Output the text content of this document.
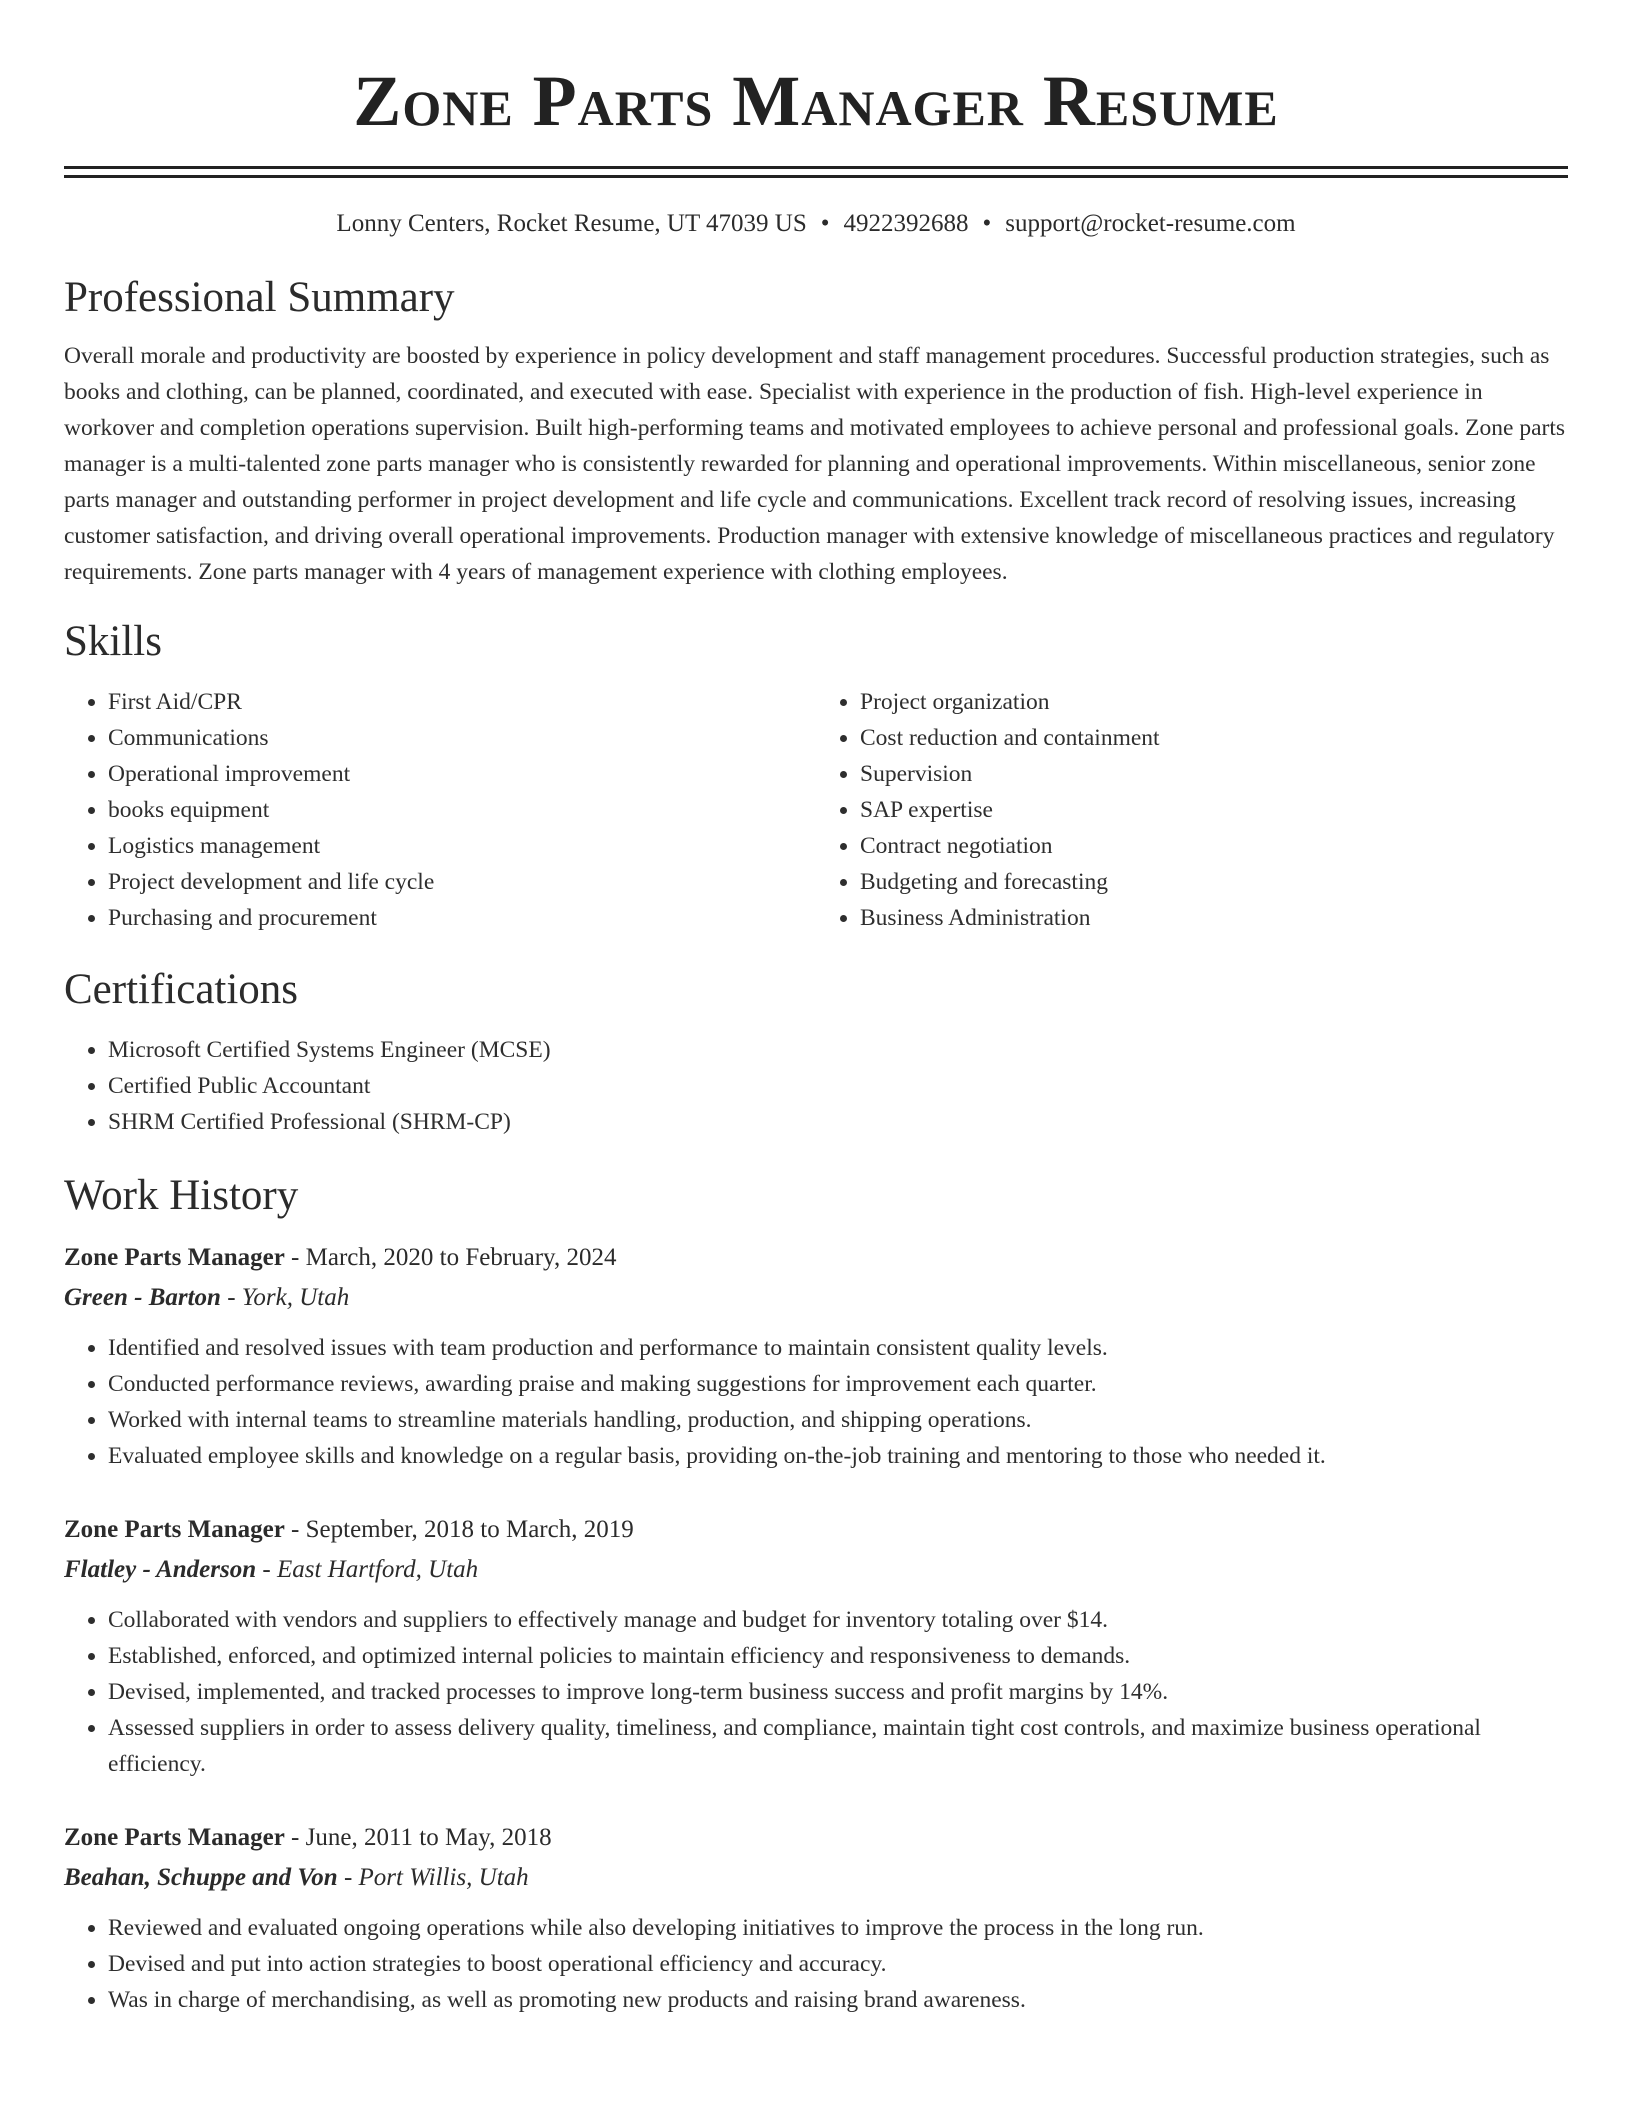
Zone Parts Manager Resume
Lonny Centers, Rocket Resume, UT 47039 US • 4922392688 • support@rocket-resume.com
Professional Summary
Overall morale and productivity are boosted by experience in policy development and staff management procedures. Successful production strategies, such as books and clothing, can be planned, coordinated, and executed with ease. Specialist with experience in the production of fish. High-level experience in workover and completion operations supervision. Built high-performing teams and motivated employees to achieve personal and professional goals. Zone parts manager is a multi-talented zone parts manager who is consistently rewarded for planning and operational improvements. Within miscellaneous, senior zone parts manager and outstanding performer in project development and life cycle and communications. Excellent track record of resolving issues, increasing customer satisfaction, and driving overall operational improvements. Production manager with extensive knowledge of miscellaneous practices and regulatory requirements. Zone parts manager with 4 years of management experience with clothing employees.
Skills
• First Aid/CPR
• Communications
• Operational improvement
• books equipment
• Logistics management
• Project development and life cycle
• Purchasing and procurement
• Project organization
• Cost reduction and containment
• Supervision
• SAP expertise
• Contract negotiation
• Budgeting and forecasting
• Business Administration
Certifications
• Microsoft Certified Systems Engineer (MCSE)
• Certified Public Accountant
• SHRM Certified Professional (SHRM-CP)
Work History
Zone Parts Manager - March, 2020 to February, 2024
Green - Barton - York, Utah
• Identified and resolved issues with team production and performance to maintain consistent quality levels.
• Conducted performance reviews, awarding praise and making suggestions for improvement each quarter.
• Worked with internal teams to streamline materials handling, production, and shipping operations.
• Evaluated employee skills and knowledge on a regular basis, providing on-the-job training and mentoring to those who needed it.
Zone Parts Manager - September, 2018 to March, 2019
Flatley - Anderson - East Hartford, Utah
• Collaborated with vendors and suppliers to effectively manage and budget for inventory totaling over $14.
• Established, enforced, and optimized internal policies to maintain efficiency and responsiveness to demands.
• Devised, implemented, and tracked processes to improve long-term business success and profit margins by 14%.
• Assessed suppliers in order to assess delivery quality, timeliness, and compliance, maintain tight cost controls, and maximize business operational efficiency.
Zone Parts Manager - June, 2011 to May, 2018
Beahan, Schuppe and Von - Port Willis, Utah
• Reviewed and evaluated ongoing operations while also developing initiatives to improve the process in the long run.
• Devised and put into action strategies to boost operational efficiency and accuracy.
• Was in charge of merchandising, as well as promoting new products and raising brand awareness.
